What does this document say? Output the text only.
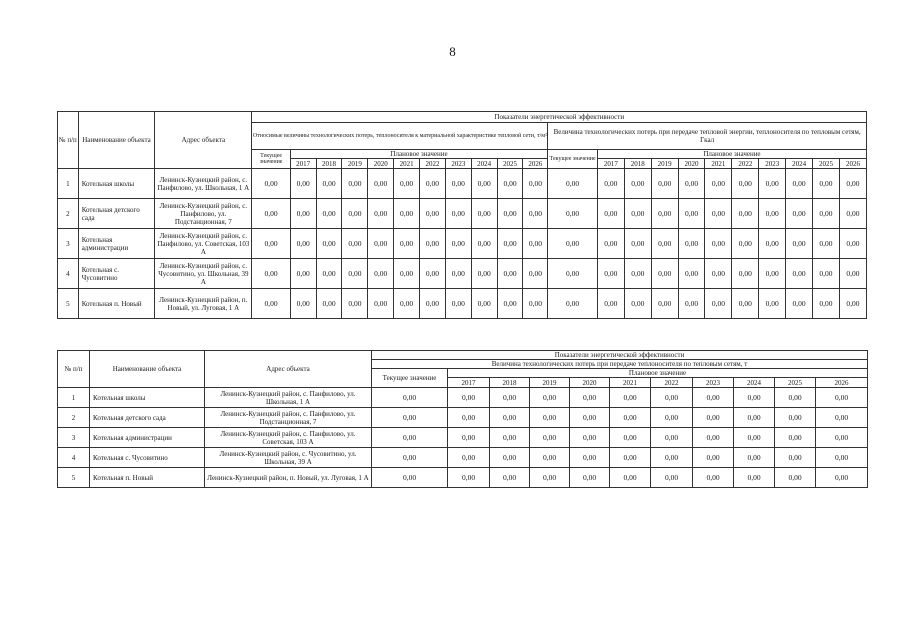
8
№ п/п	Наименование объекта	Адрес объекта	Показатели энергетической эффективности																					
			Относимые величины технологических потерь, теплоносителя к материальной характеристике тепловой сети, т/м²											Величина технологических потерь при передаче тепловой энергии, теплоносителя по тепловым сетям, Гкал										
			Текущее значение	Плановое значение										Текущее значение	Плановое значение									
				2017	2018	2019	2020	2021	2022	2023	2024	2025	2026		2017	2018	2019	2020	2021	2022	2023	2024	2025	2026
1	Котельная школы	Ленинск-Кузнецкий район, с. Панфилово, ул. Школьная, 1 А	0,00	0,00	0,00	0,00	0,00	0,00	0,00	0,00	0,00	0,00	0,00	0,00	0,00	0,00	0,00	0,00	0,00	0,00	0,00	0,00	0,00	0,00
2	Котельная детского сада	Ленинск-Кузнецкий район, с. Панфилово, ул. Подстанционная, 7	0,00	0,00	0,00	0,00	0,00	0,00	0,00	0,00	0,00	0,00	0,00	0,00	0,00	0,00	0,00	0,00	0,00	0,00	0,00	0,00	0,00	0,00
3	Котельная администрации	Ленинск-Кузнецкий район, с. Панфилово, ул. Советская, 103 А	0,00	0,00	0,00	0,00	0,00	0,00	0,00	0,00	0,00	0,00	0,00	0,00	0,00	0,00	0,00	0,00	0,00	0,00	0,00	0,00	0,00	0,00
4	Котельная с. Чусовитино	Ленинск-Кузнецкий район, с. Чусовитино, ул. Школьная, 39 А	0,00	0,00	0,00	0,00	0,00	0,00	0,00	0,00	0,00	0,00	0,00	0,00	0,00	0,00	0,00	0,00	0,00	0,00	0,00	0,00	0,00	0,00
5	Котельная п. Новый	Ленинск-Кузнецкий район, п. Новый, ул. Луговая, 1 А	0,00	0,00	0,00	0,00	0,00	0,00	0,00	0,00	0,00	0,00	0,00	0,00	0,00	0,00	0,00	0,00	0,00	0,00	0,00	0,00	0,00	0,00
№ п/п	Наименование объекта	Адрес объекта	Показатели энергетической эффективности										
			Величина технологических потерь при передаче теплоносителя по тепловым сетям, т										
			Текущее значение	Плановое значение									
				2017	2018	2019	2020	2021	2022	2023	2024	2025	2026
1	Котельная школы	Ленинск-Кузнецкий район, с. Панфилово, ул. Школьная, 1 А	0,00	0,00	0,00	0,00	0,00	0,00	0,00	0,00	0,00	0,00	0,00
2	Котельная детского сада	Ленинск-Кузнецкий район, с. Панфилово, ул. Подстанционная, 7	0,00	0,00	0,00	0,00	0,00	0,00	0,00	0,00	0,00	0,00	0,00
3	Котельная администрации	Ленинск-Кузнецкий район, с. Панфилово, ул. Советская, 103 А	0,00	0,00	0,00	0,00	0,00	0,00	0,00	0,00	0,00	0,00	0,00
4	Котельная с. Чусовитино	Ленинск-Кузнецкий район, с. Чусовитино, ул. Школьная, 39 А	0,00	0,00	0,00	0,00	0,00	0,00	0,00	0,00	0,00	0,00	0,00
5	Котельная п. Новый	Ленинск-Кузнецкий район, п. Новый, ул. Луговая, 1 А	0,00	0,00	0,00	0,00	0,00	0,00	0,00	0,00	0,00	0,00	0,00
